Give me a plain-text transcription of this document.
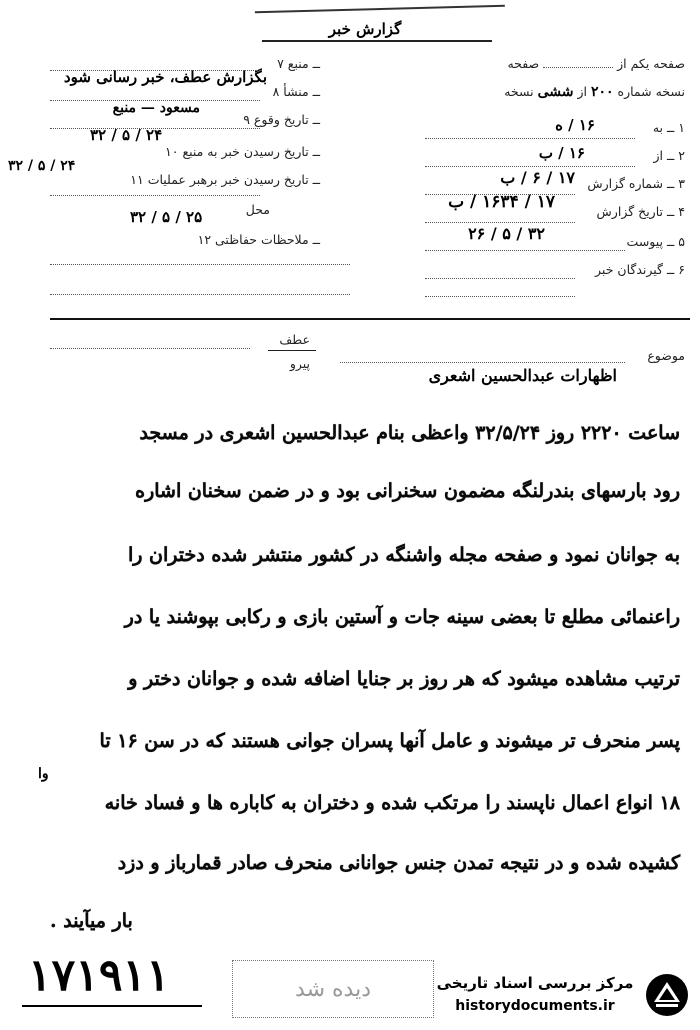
گزارش خبر
صفحه یکم از  صفحه
نسخه شماره ۲۰۰ از ششی نسخه
۱ ــ به
۱۶ / ه
۲ ــ از
۱۶ / ب
۳ ــ شماره گزارش
۱۷ / ۶ / ب
۴ ــ تاریخ گزارش
۱۷ / ۱۶۳۴ / ب
۵ ــ پیوست
۳۲ / ۵ / ۲۶
۶ ــ گیرندگان خبر
۷ ــ منبع
بگزارش عطف، خبر رسانی شود
۸ ــ منشأ
مسعود — منبع
۹ ــ تاریخ وقوع
۳۲ / ۵ / ۲۴
۱۰ ــ تاریخ رسیدن خبر به منبع
۱۱ ــ تاریخ رسیدن خبر برهبر عملیات
۳۲ / ۵ / ۲۴
محل
۳۲ / ۵ / ۲۵
۱۲ ــ ملاحظات حفاظتی
عطف
پیرو
موضوع
اظهارات عبدالحسین اشعری
ساعت ۲۲۲۰ روز ۳۲/۵/۲۴ واعظی بنام عبدالحسین اشعری در مسجد
رود بارسهای بندرلنگه مضمون سخنرانی بود و در ضمن سخنان اشاره
به جوانان نمود و صفحه مجله واشنگه در کشور منتشر شده دختران را
راعنمائی مطلع تا بعضی سینه جات و آستین بازی و رکابی بپوشند یا در
ترتیب مشاهده میشود که هر روز بر جنایا اضافه شده و جوانان دختر و
پسر منحرف تر میشوند و عامل آنها پسران جوانی هستند که در سن ۱۶ تا
وا
۱۸ انواع اعمال ناپسند را مرتکب شده و دختران به کاباره ها و فساد خانه
کشیده شده و در نتیجه تمدن جنس جوانانی منحرف صادر قمارباز و دزد
بار میآیند .
۱۷۱۹۱۱	دیده شد	مرکز بررسی اسناد تاریخی
historydocuments.ir
